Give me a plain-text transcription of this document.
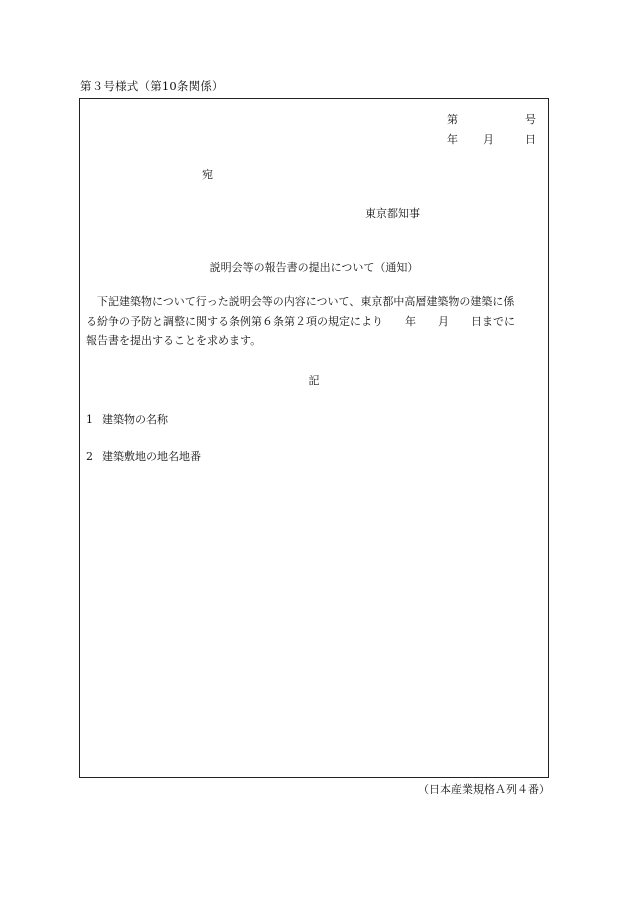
第３号様式（第10条関係）
第	号
年 月	日
宛
東京都知事
説明会等の報告書の提出について（通知）

下記建築物について行った説明会等の内容について、東京都中高層建築物の建築に係
る紛争の予防と調整に関する条例第６条第２項の規定により 年 月 日までに
報告書を提出することを求めます。

記
1 建築物の名称
2 建築敷地の地名地番
（日本産業規格Ａ列４番）
